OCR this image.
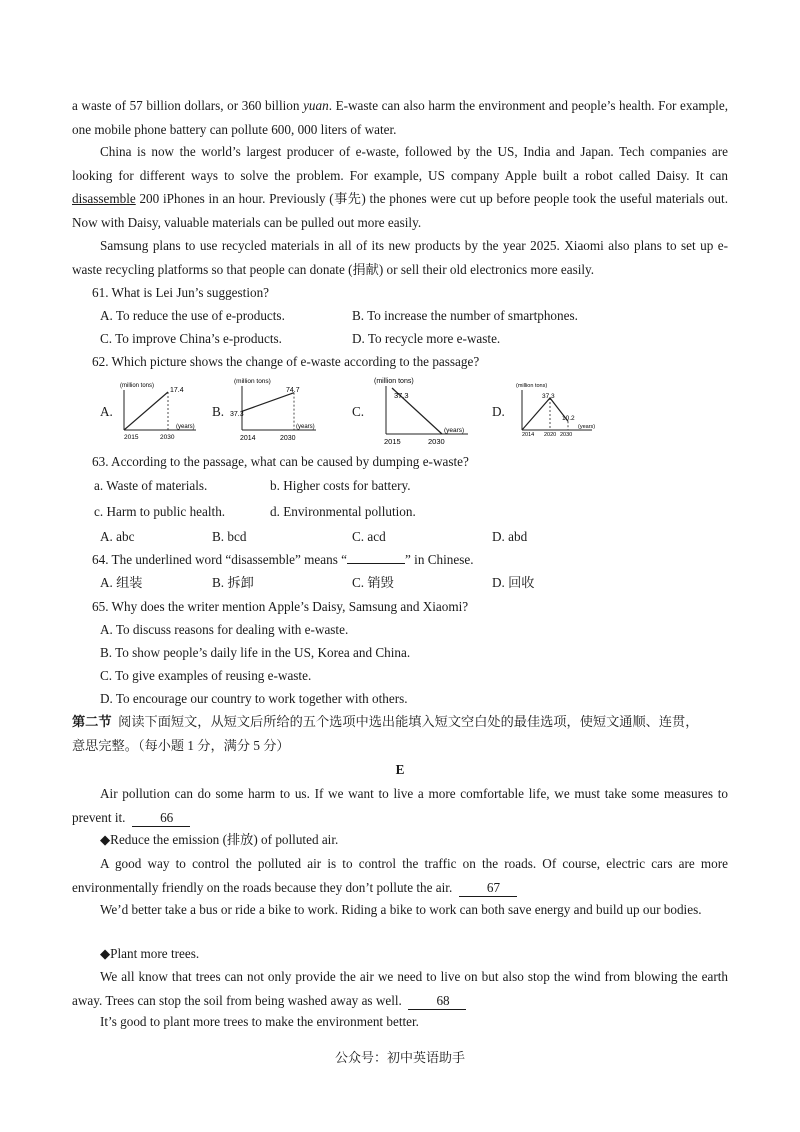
a waste of 57 billion dollars, or 360 billion yuan. E-waste can also harm the environment and people’s health. For example, one mobile phone battery can pollute 600, 000 liters of water.

China is now the world’s largest producer of e-waste, followed by the US, India and Japan. Tech companies are looking for different ways to solve the problem. For example, US company Apple built a robot called Daisy. It can disassemble 200 iPhones in an hour. Previously (事先) the phones were cut up before people took the useful materials out. Now with Daisy, valuable materials can be pulled out more easily.

Samsung plans to use recycled materials in all of its new products by the year 2025. Xiaomi also plans to set up e-waste recycling platforms so that people can donate (捐献) or sell their old electronics more easily.

61. What is Lei Jun’s suggestion?
A. To reduce the use of e-products.	B. To increase the number of smartphones.
C. To improve China’s e-products.	D. To recycle more e-waste.
62. Which picture shows the change of e-waste according to the passage?
A.	B.	C.	D.
(million tons)
17.4
2015	2030
(years)
(million tons)
37.3
74.7
2014	2030
(years)
(million tons)
37.3
2015	2030
(years)
(million tons)
37.3
10.2
2014 2020 2030
(years)
63. According to the passage, what can be caused by dumping e-waste?
a. Waste of materials.	b. Higher costs for battery.
c. Harm to public health.	d. Environmental pollution.
A. abc	B. bcd	C. acd	D. abd
64. The underlined word “disassemble” means “	” in Chinese.
A. 组装	B. 拆卸	C. 销毁	D. 回收
65. Why does the writer mention Apple’s Daisy, Samsung and Xiaomi?
A. To discuss reasons for dealing with e-waste.
B. To show people’s daily life in the US, Korea and China.
C. To give examples of reusing e-waste.
D. To encourage our country to work together with others.

第二节 阅读下面短文，从短文后所给的五个选项中选出能填入短文空白处的最佳选项，使短文通顺、连贯，
意思完整。（每小题 1 分，满分 5 分）

E

Air pollution can do some harm to us. If we want to live a more comfortable life, we must take some measures to prevent it.	66

◆Reduce the emission (排放) of polluted air.

A good way to control the polluted air is to control the traffic on the roads. Of course, electric cars are more environmentally friendly on the roads because they don’t pollute the air.	67

We’d better take a bus or ride a bike to work. Riding a bike to work can both save energy and build up our bodies.

◆Plant more trees.

We all know that trees can not only provide the air we need to live on but also stop the wind from blowing the earth away. Trees can stop the soil from being washed away as well.	68

It’s good to plant more trees to make the environment better.

公众号：初中英语助手
